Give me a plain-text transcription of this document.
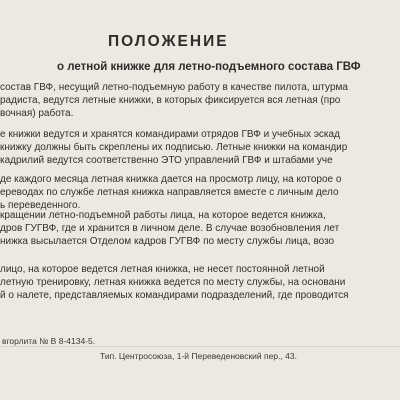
ПОЛОЖЕНИЕ
о летной книжке для летно-подъемного состава ГВФ
состав ГВФ, несущий летно-подъемную работу в качестве пилота, штурма
радиста, ведутся летные книжки, в которых фиксируется вся летная (про
вочная) работа.
е книжки ведутся и хранятся командирами отрядов ГВФ и учебных эскад
книжку должны быть скреплены их подписью. Летные книжки на командир
кадрилий ведутся соответственно ЭТО управлений ГВФ и штабами уче
де каждого месяца летная книжка дается на просмотр лицу, на которое о
ереводах по службе летная книжка направляется вместе с личным дело
ь переведенного.
кращении летно-подъемной работы лица, на которое ведется книжка,
дров ГУГВФ, где и хранится в личном деле. В случае возобновления лет
нижка высылается Отделом кадров ГУГВФ по месту службы лица, возо
лицо, на которое ведется летная книжка, не несет постоянной летной
летную тренировку, летная книжка ведется по месту службы, на основани
й о налете, представляемых командирами подразделений, где проводится
вгорлита № В 8-4134-5.
Тип. Центросоюза, 1-й Переведеновский пер., 43.
